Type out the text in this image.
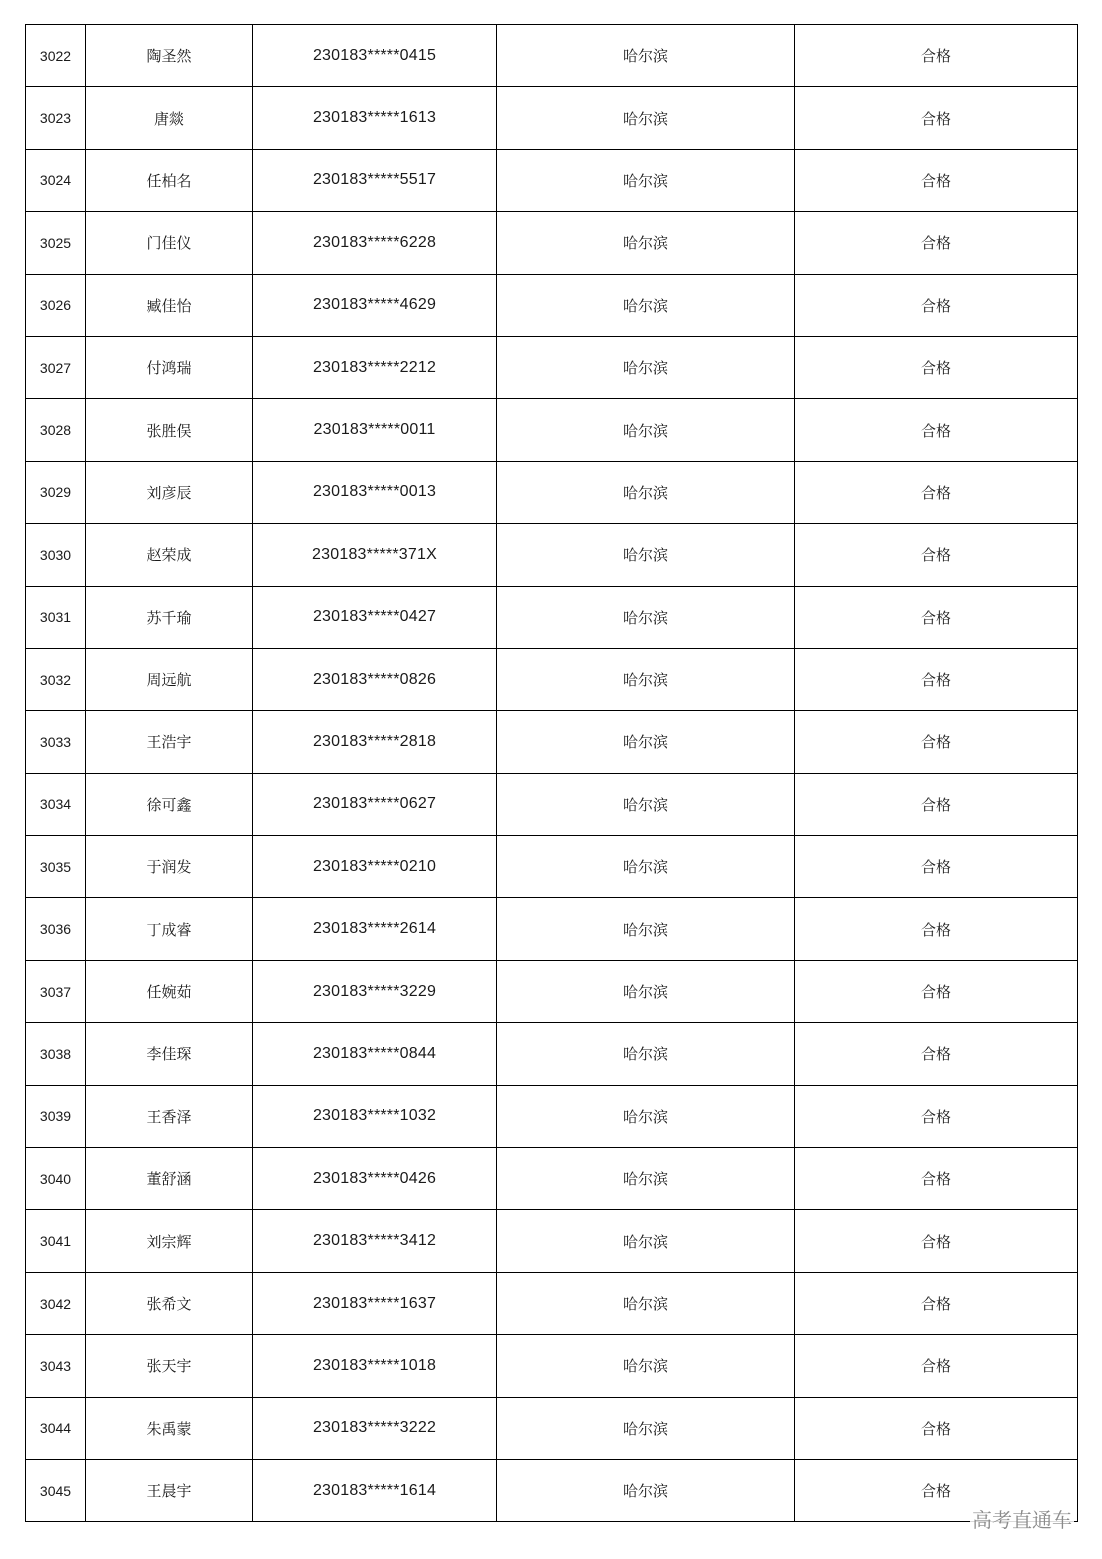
3022	陶圣然	230183*****0415	哈尔滨	合格
3023	唐燚	230183*****1613	哈尔滨	合格
3024	任柏名	230183*****5517	哈尔滨	合格
3025	门佳仪	230183*****6228	哈尔滨	合格
3026	臧佳怡	230183*****4629	哈尔滨	合格
3027	付鸿瑞	230183*****2212	哈尔滨	合格
3028	张胜俣	230183*****0011	哈尔滨	合格
3029	刘彦辰	230183*****0013	哈尔滨	合格
3030	赵荣成	230183*****371X	哈尔滨	合格
3031	苏千瑜	230183*****0427	哈尔滨	合格
3032	周远航	230183*****0826	哈尔滨	合格
3033	王浩宇	230183*****2818	哈尔滨	合格
3034	徐可鑫	230183*****0627	哈尔滨	合格
3035	于润发	230183*****0210	哈尔滨	合格
3036	丁成睿	230183*****2614	哈尔滨	合格
3037	任婉茹	230183*****3229	哈尔滨	合格
3038	李佳琛	230183*****0844	哈尔滨	合格
3039	王香泽	230183*****1032	哈尔滨	合格
3040	董舒涵	230183*****0426	哈尔滨	合格
3041	刘宗辉	230183*****3412	哈尔滨	合格
3042	张希文	230183*****1637	哈尔滨	合格
3043	张天宇	230183*****1018	哈尔滨	合格
3044	朱禹蒙	230183*****3222	哈尔滨	合格
3045	王晨宇	230183*****1614	哈尔滨	合格
高考直通车
